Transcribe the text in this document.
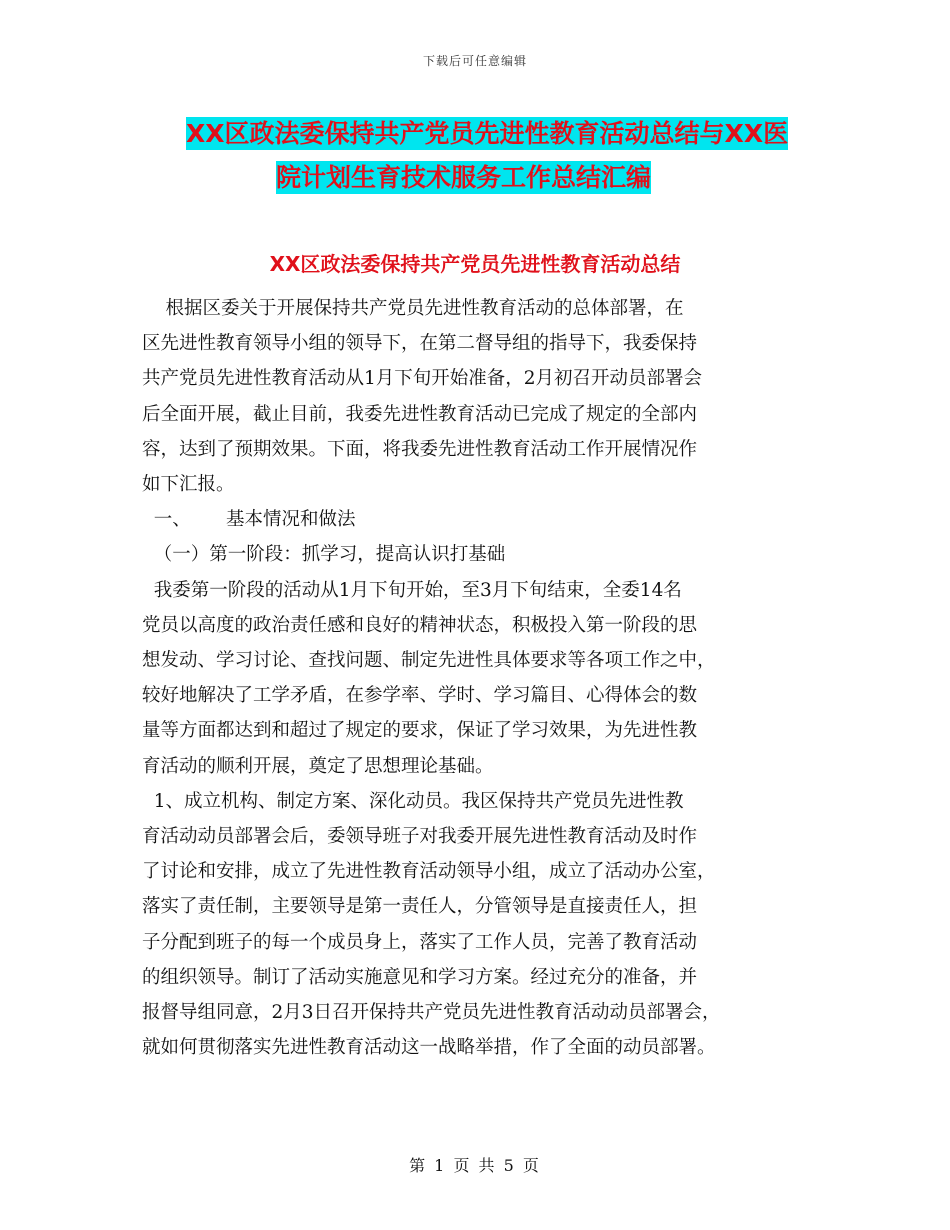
下载后可任意编辑
XX区政法委保持共产党员先进性教育活动总结与XX医
院计划生育技术服务工作总结汇编
XX区政法委保持共产党员先进性教育活动总结
根据区委关于开展保持共产党员先进性教育活动的总体部署，在
区先进性教育领导小组的领导下，在第二督导组的指导下，我委保持
共产党员先进性教育活动从1月下旬开始准备，2月初召开动员部署会
后全面开展，截止目前，我委先进性教育活动已完成了规定的全部内
容，达到了预期效果。下面，将我委先进性教育活动工作开展情况作
如下汇报。
一、      基本情况和做法
（一）第一阶段：抓学习，提高认识打基础
我委第一阶段的活动从1月下旬开始，至3月下旬结束，全委14名
党员以高度的政治责任感和良好的精神状态，积极投入第一阶段的思
想发动、学习讨论、查找问题、制定先进性具体要求等各项工作之中，
较好地解决了工学矛盾，在参学率、学时、学习篇目、心得体会的数
量等方面都达到和超过了规定的要求，保证了学习效果，为先进性教
育活动的顺利开展，奠定了思想理论基础。
1、成立机构、制定方案、深化动员。我区保持共产党员先进性教
育活动动员部署会后，委领导班子对我委开展先进性教育活动及时作
了讨论和安排，成立了先进性教育活动领导小组，成立了活动办公室，
落实了责任制，主要领导是第一责任人，分管领导是直接责任人，担
子分配到班子的每一个成员身上，落实了工作人员，完善了教育活动
的组织领导。制订了活动实施意见和学习方案。经过充分的准备，并
报督导组同意，2月3日召开保持共产党员先进性教育活动动员部署会，
就如何贯彻落实先进性教育活动这一战略举措，作了全面的动员部署。
第 1 页 共 5 页
